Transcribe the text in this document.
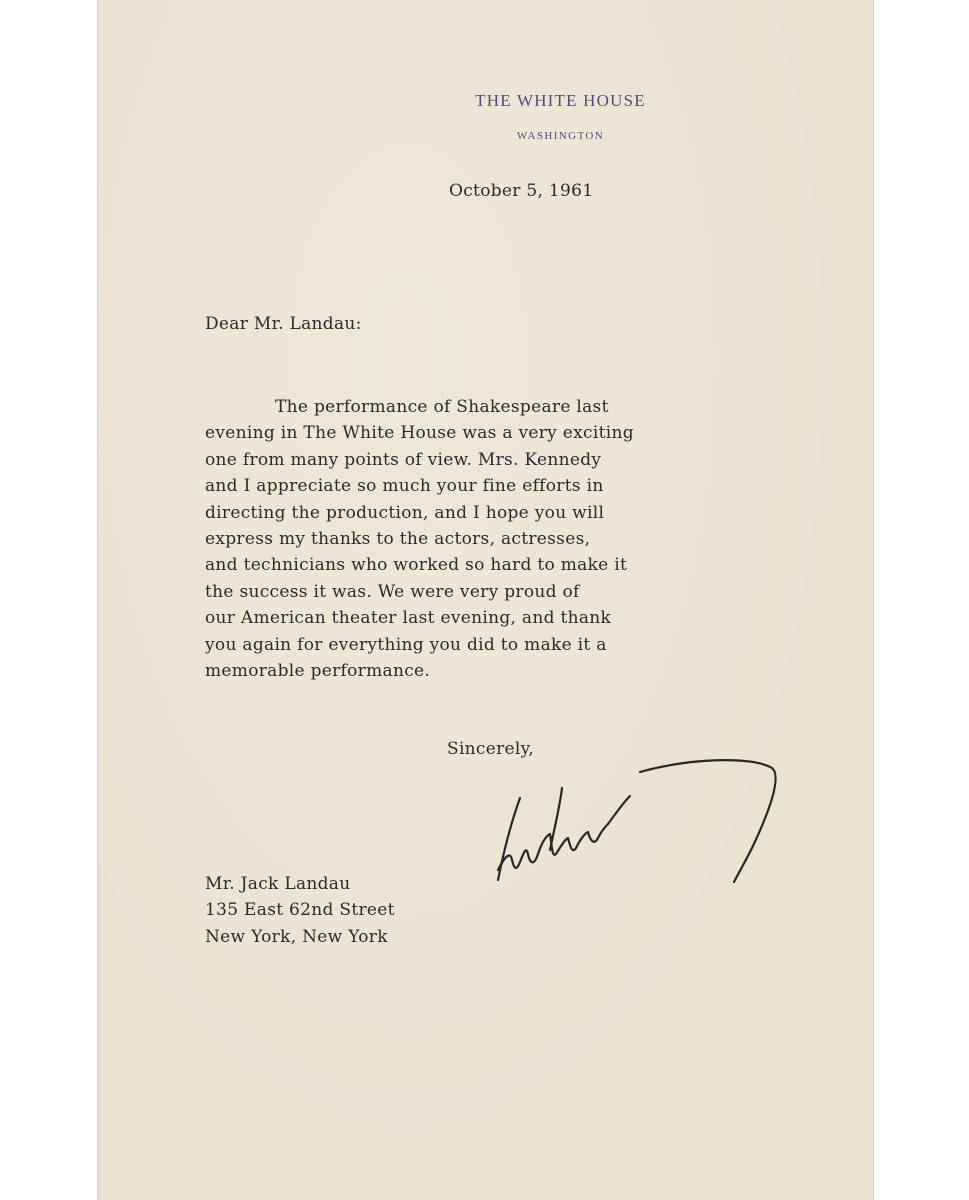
THE WHITE HOUSE
WASHINGTON
October 5, 1961
Dear Mr. Landau:
The performance of Shakespeare last
evening in The White House was a very exciting
one from many points of view. Mrs. Kennedy
and I appreciate so much your fine efforts in
directing the production, and I hope you will
express my thanks to the actors, actresses,
and technicians who worked so hard to make it
the success it was. We were very proud of
our American theater last evening, and thank
you again for everything you did to make it a
memorable performance.
Sincerely,
Mr. Jack Landau
135 East 62nd Street
New York, New York
